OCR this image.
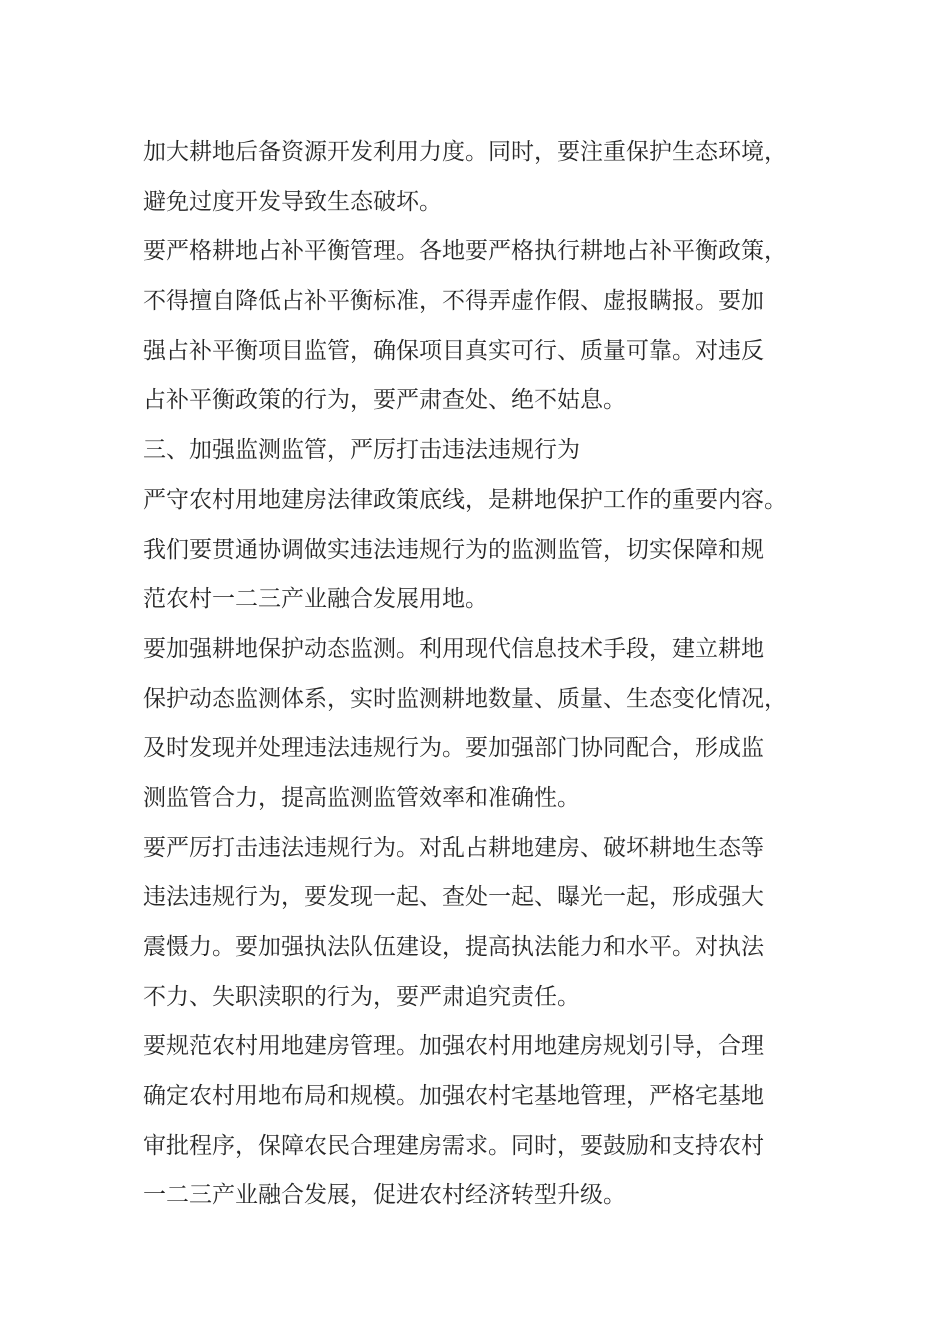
加大耕地后备资源开发利用力度。同时，要注重保护生态环境，
避免过度开发导致生态破坏。
要严格耕地占补平衡管理。各地要严格执行耕地占补平衡政策，
不得擅自降低占补平衡标准，不得弄虚作假、虚报瞒报。要加
强占补平衡项目监管，确保项目真实可行、质量可靠。对违反
占补平衡政策的行为，要严肃查处、绝不姑息。
三、加强监测监管，严厉打击违法违规行为
严守农村用地建房法律政策底线，是耕地保护工作的重要内容。
我们要贯通协调做实违法违规行为的监测监管，切实保障和规
范农村一二三产业融合发展用地。
要加强耕地保护动态监测。利用现代信息技术手段，建立耕地
保护动态监测体系，实时监测耕地数量、质量、生态变化情况，
及时发现并处理违法违规行为。要加强部门协同配合，形成监
测监管合力，提高监测监管效率和准确性。
要严厉打击违法违规行为。对乱占耕地建房、破坏耕地生态等
违法违规行为，要发现一起、查处一起、曝光一起，形成强大
震慑力。要加强执法队伍建设，提高执法能力和水平。对执法
不力、失职渎职的行为，要严肃追究责任。
要规范农村用地建房管理。加强农村用地建房规划引导，合理
确定农村用地布局和规模。加强农村宅基地管理，严格宅基地
审批程序，保障农民合理建房需求。同时，要鼓励和支持农村
一二三产业融合发展，促进农村经济转型升级。
